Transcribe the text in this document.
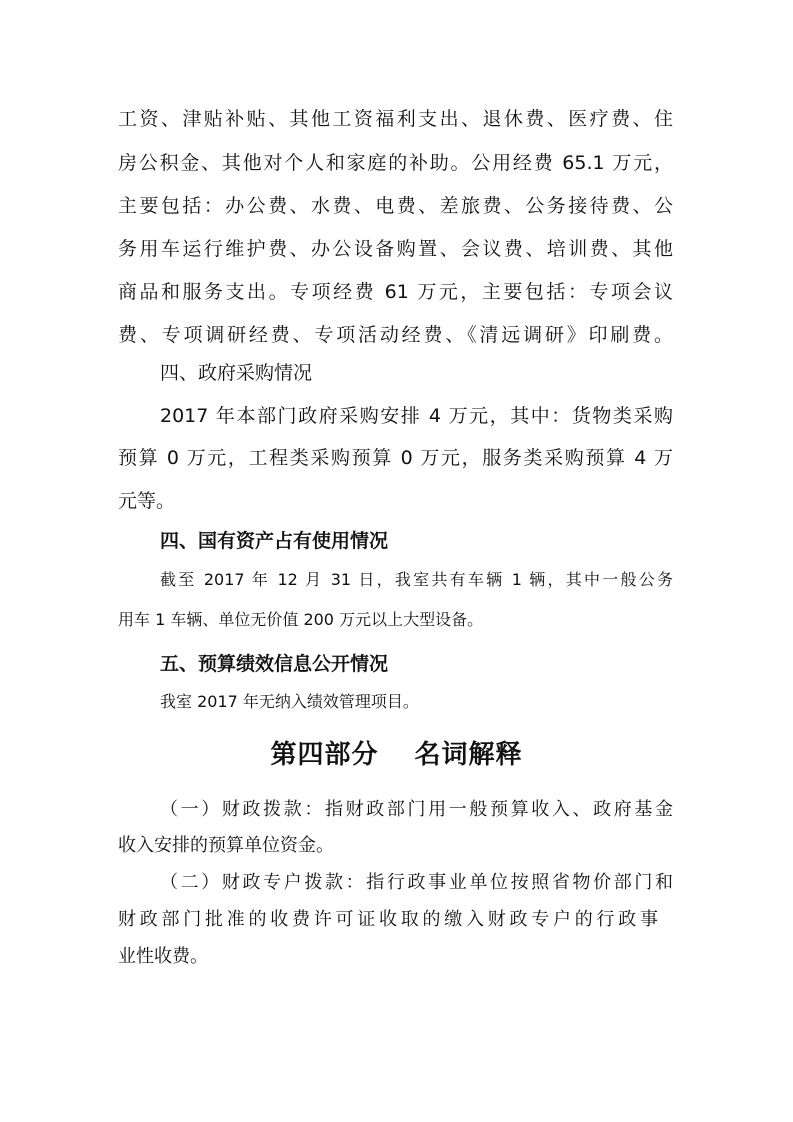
工资、津贴补贴、其他工资福利支出、退休费、医疗费、住
房公积金、其他对个人和家庭的补助。公用经费 65.1 万元，
主要包括：办公费、水费、电费、差旅费、公务接待费、公
务用车运行维护费、办公设备购置、会议费、培训费、其他
商品和服务支出。专项经费 61 万元，主要包括：专项会议
费、专项调研经费、专项活动经费、《清远调研》印刷费。
四、政府采购情况
2017 年本部门政府采购安排 4 万元，其中：货物类采购
预算 0 万元，工程类采购预算 0 万元，服务类采购预算 4 万
元等。
四、国有资产占有使用情况
截至 2017 年 12 月 31 日，我室共有车辆 1 辆，其中一般公务
用车 1 车辆、单位无价值 200 万元以上大型设备。
五、预算绩效信息公开情况
我室 2017 年无纳入绩效管理项目。
第四部分 名词解释
（一）财政拨款：指财政部门用一般预算收入、政府基金
收入安排的预算单位资金。
（二）财政专户拨款：指行政事业单位按照省物价部门和
财政部门批准的收费许可证收取的缴入财政专户的行政事
业性收费。
